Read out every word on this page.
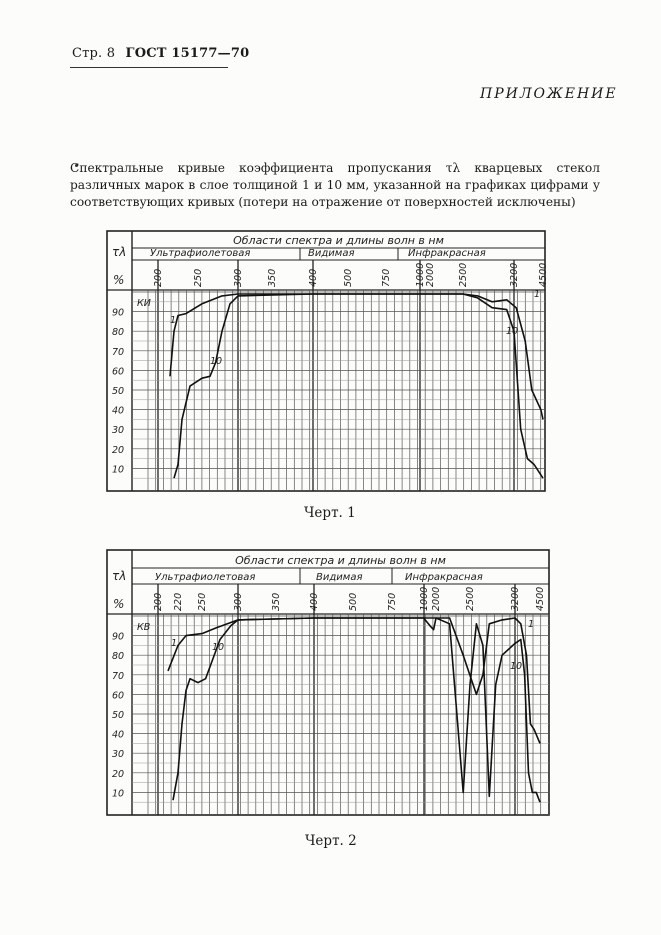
Стр. 8 ГОСТ 15177—70
ПРИЛОЖЕНИЕ
Спектральные кривые коэффициента пропускания τλ кварцевых стекол различных марок в слое толщиной 1 и 10 мм, указанной на графиках цифрами у соответствующих кривых (потери на отражение от поверхностей исключены)
Области спектра и длины волн в нм
τλ
%
Ультрафиолетовая	Видимая	Инфракрасная
200	250	300 350	400	500	750 1000 2000 2500	3200 4500
90
80
70
60
50
40
30
20
10
КИ
1
1
10
10
Черт. 1
Области спектра и длины волн в нм
τλ
%
Ультрафиолетовая	Видимая	Инфракрасная
200 220 250	300	350	400	500	750 1000 2000 2500	3200 4500
90
80
70
60
50
40
30
20
10
КВ
1
1
10
10
Черт. 2
